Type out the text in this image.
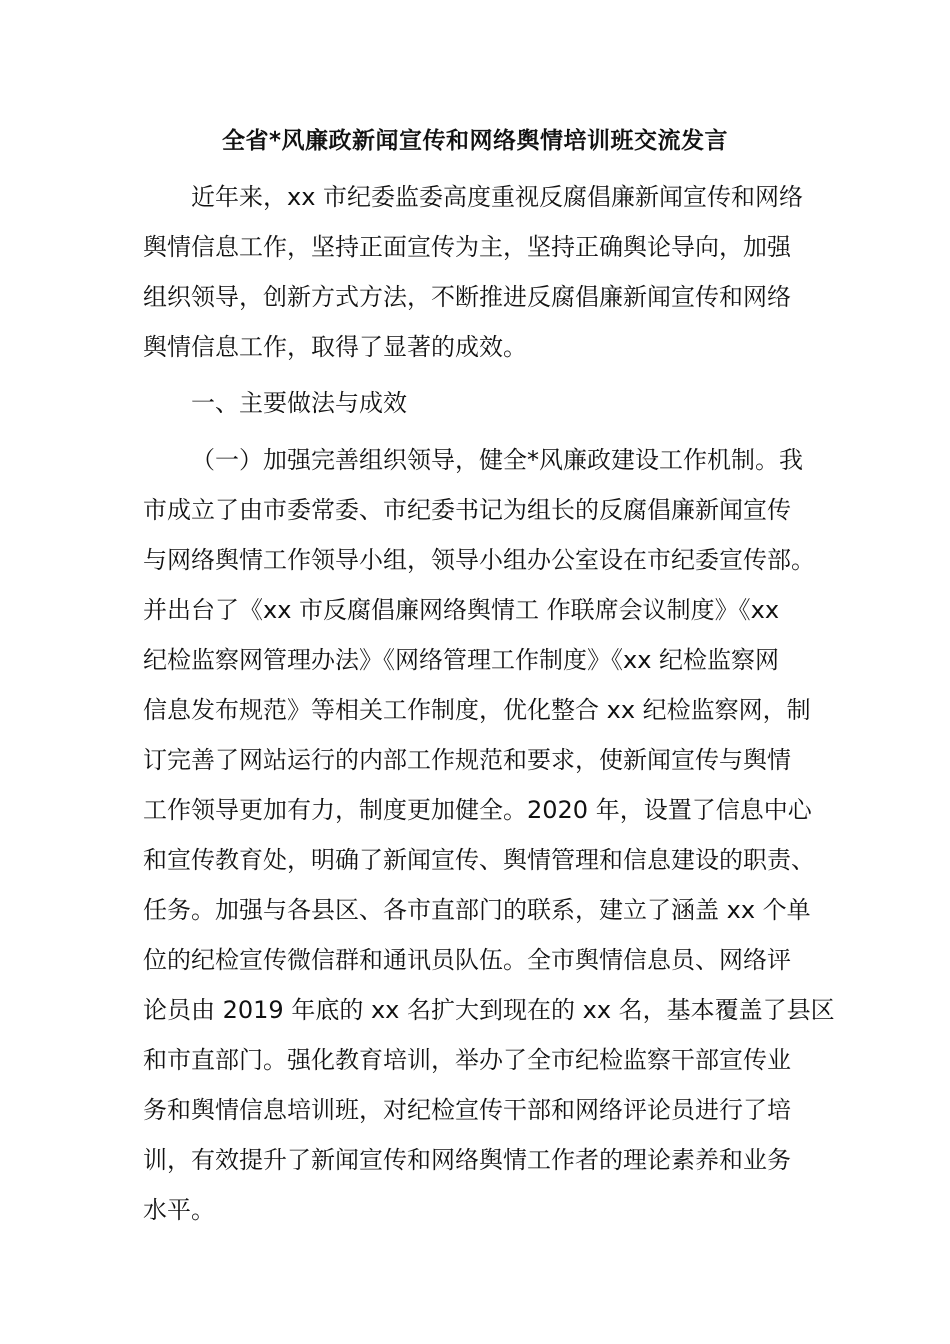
全省*风廉政新闻宣传和网络舆情培训班交流发言
近年来，xx 市纪委监委高度重视反腐倡廉新闻宣传和网络
舆情信息工作，坚持正面宣传为主，坚持正确舆论导向，加强
组织领导，创新方式方法，不断推进反腐倡廉新闻宣传和网络
舆情信息工作，取得了显著的成效。
一、主要做法与成效
（一）加强完善组织领导，健全*风廉政建设工作机制。我
市成立了由市委常委、市纪委书记为组长的反腐倡廉新闻宣传
与网络舆情工作领导小组，领导小组办公室设在市纪委宣传部。
并出台了《xx 市反腐倡廉网络舆情工 作联席会议制度》《xx
纪检监察网管理办法》《网络管理工作制度》《xx 纪检监察网
信息发布规范》等相关工作制度，优化整合 xx 纪检监察网，制
订完善了网站运行的内部工作规范和要求，使新闻宣传与舆情
工作领导更加有力，制度更加健全。2020 年，设置了信息中心
和宣传教育处，明确了新闻宣传、舆情管理和信息建设的职责、
任务。加强与各县区、各市直部门的联系，建立了涵盖 xx 个单
位的纪检宣传微信群和通讯员队伍。全市舆情信息员、网络评
论员由 2019 年底的 xx 名扩大到现在的 xx 名，基本覆盖了县区
和市直部门。强化教育培训，举办了全市纪检监察干部宣传业
务和舆情信息培训班，对纪检宣传干部和网络评论员进行了培
训，有效提升了新闻宣传和网络舆情工作者的理论素养和业务
水平。
